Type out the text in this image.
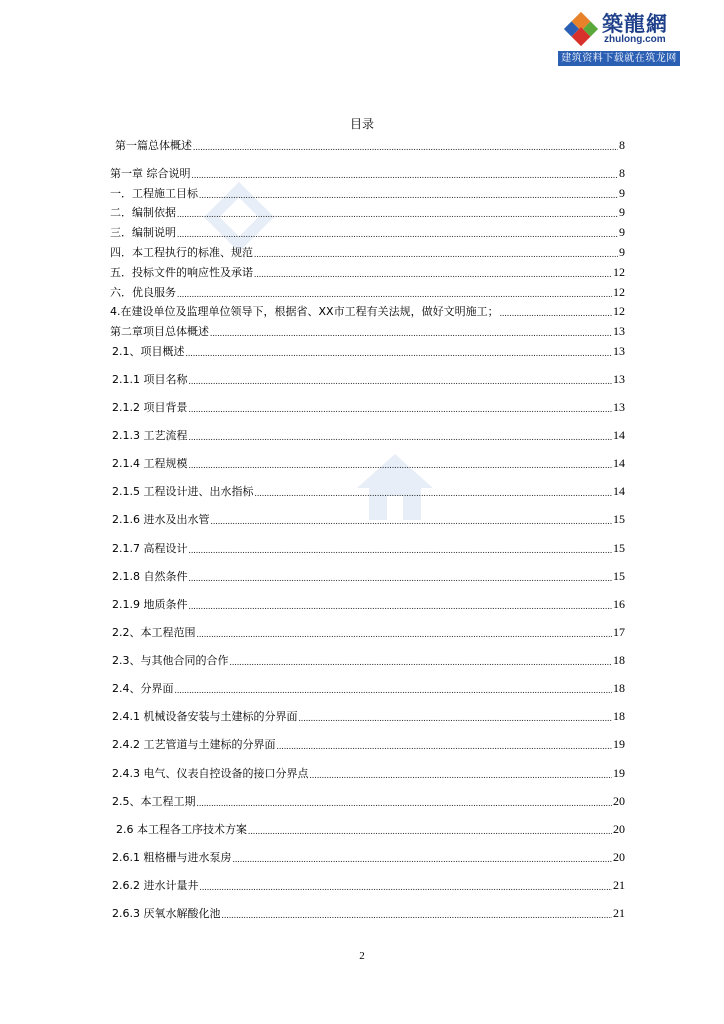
築龍網
zhulong.com
建筑资料下载就在筑龙网
目录
第一篇总体概述 .....	8
第一章 综合说明 .....	8
一．工程施工目标 .....	9
二．编制依据 .....	9
三．编制说明 .....	9
四．本工程执行的标准、规范 .....	9
五．投标文件的响应性及承诺 .....	12
六．优良服务 .....	12
4.在建设单位及监理单位领导下，根据省、XX市工程有关法规，做好文明施工； .....	12
第二章项目总体概述 .....	13
2.1、项目概述 .....	13
2.1.1 项目名称 .....	13
2.1.2 项目背景 .....	13
2.1.3 工艺流程 .....	14
2.1.4 工程规模 .....	14
2.1.5 工程设计进、出水指标 .....	14
2.1.6 进水及出水管 .....	15
2.1.7 高程设计 .....	15
2.1.8 自然条件 .....	15
2.1.9 地质条件 .....	16
2.2、本工程范围 .....	17
2.3、与其他合同的合作 .....	18
2.4、分界面 .....	18
2.4.1 机械设备安装与土建标的分界面 .....	18
2.4.2 工艺管道与土建标的分界面 .....	19
2.4.3 电气、仪表自控设备的接口分界点 .....	19
2.5、本工程工期 .....	20
2.6 本工程各工序技术方案 .....	20
2.6.1 粗格栅与进水泵房 .....	20
2.6.2 进水计量井 .....	21
2.6.3 厌氧水解酸化池 .....	21
2
